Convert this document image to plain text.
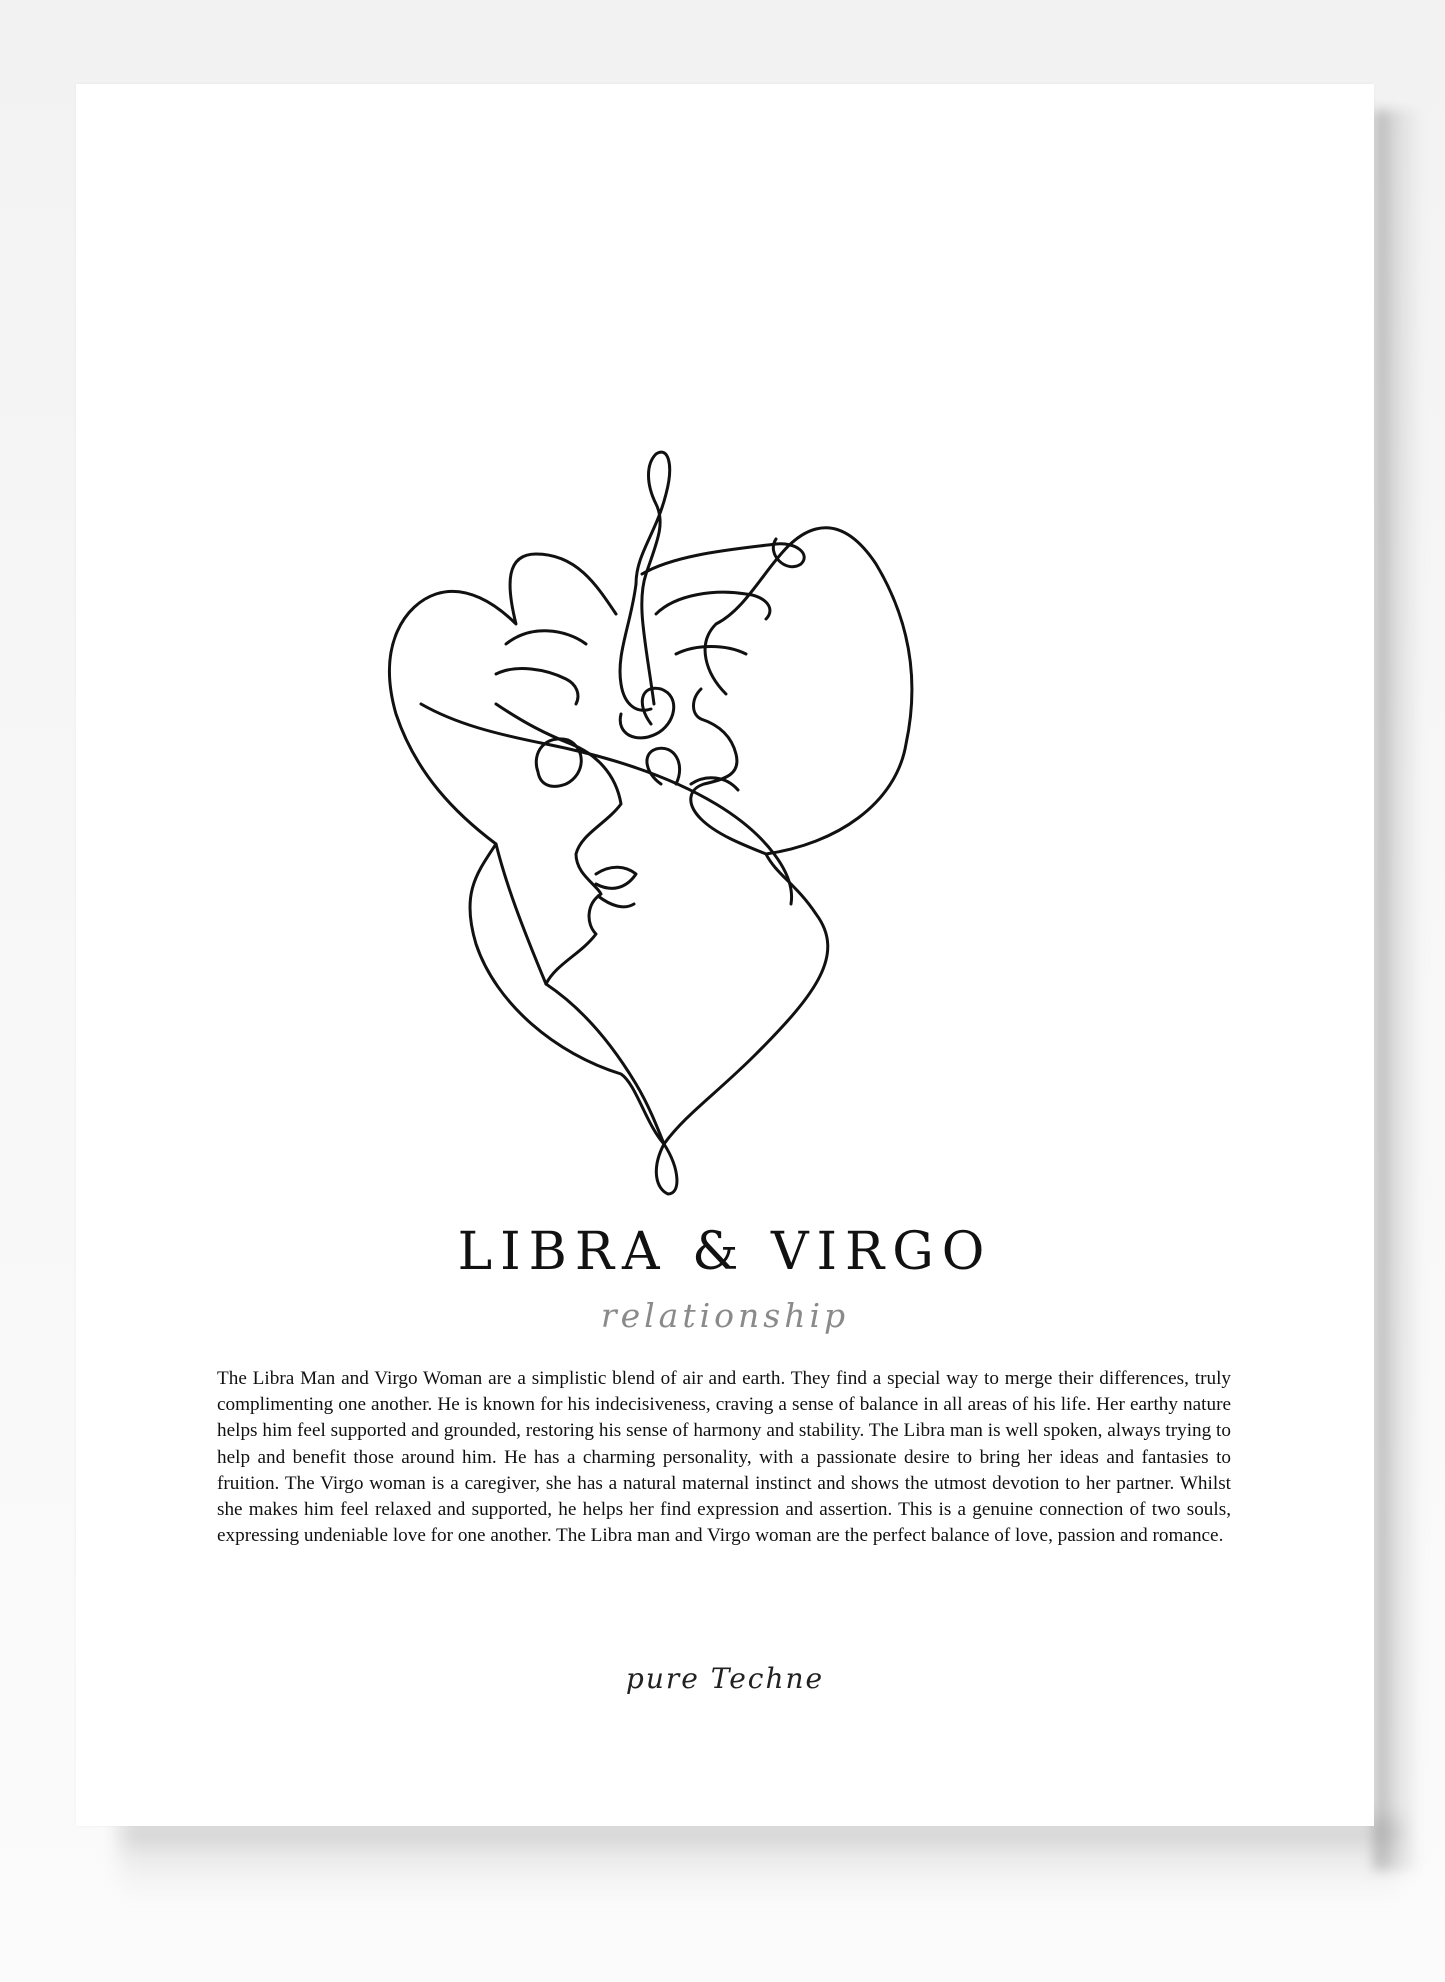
LIBRA & VIRGO
relationship

The Libra Man and Virgo Woman are a simplistic blend of air and earth. They find a special way to merge their differences, truly complimenting one another. He is known for his indecisiveness, craving a sense of balance in all areas of his life. Her earthy nature helps him feel supported and grounded, restoring his sense of harmony and stability. The Libra man is well spoken, always trying to help and benefit those around him. He has a charming personality, with a passionate desire to bring her ideas and fantasies to fruition. The Virgo woman is a caregiver, she has a natural maternal instinct and shows the utmost devotion to her partner. Whilst she makes him feel relaxed and supported, he helps her find expression and assertion. This is a genuine connection of two souls, expressing undeniable love for one another. The Libra man and Virgo woman are the perfect balance of love, passion and romance.

pure Techne
